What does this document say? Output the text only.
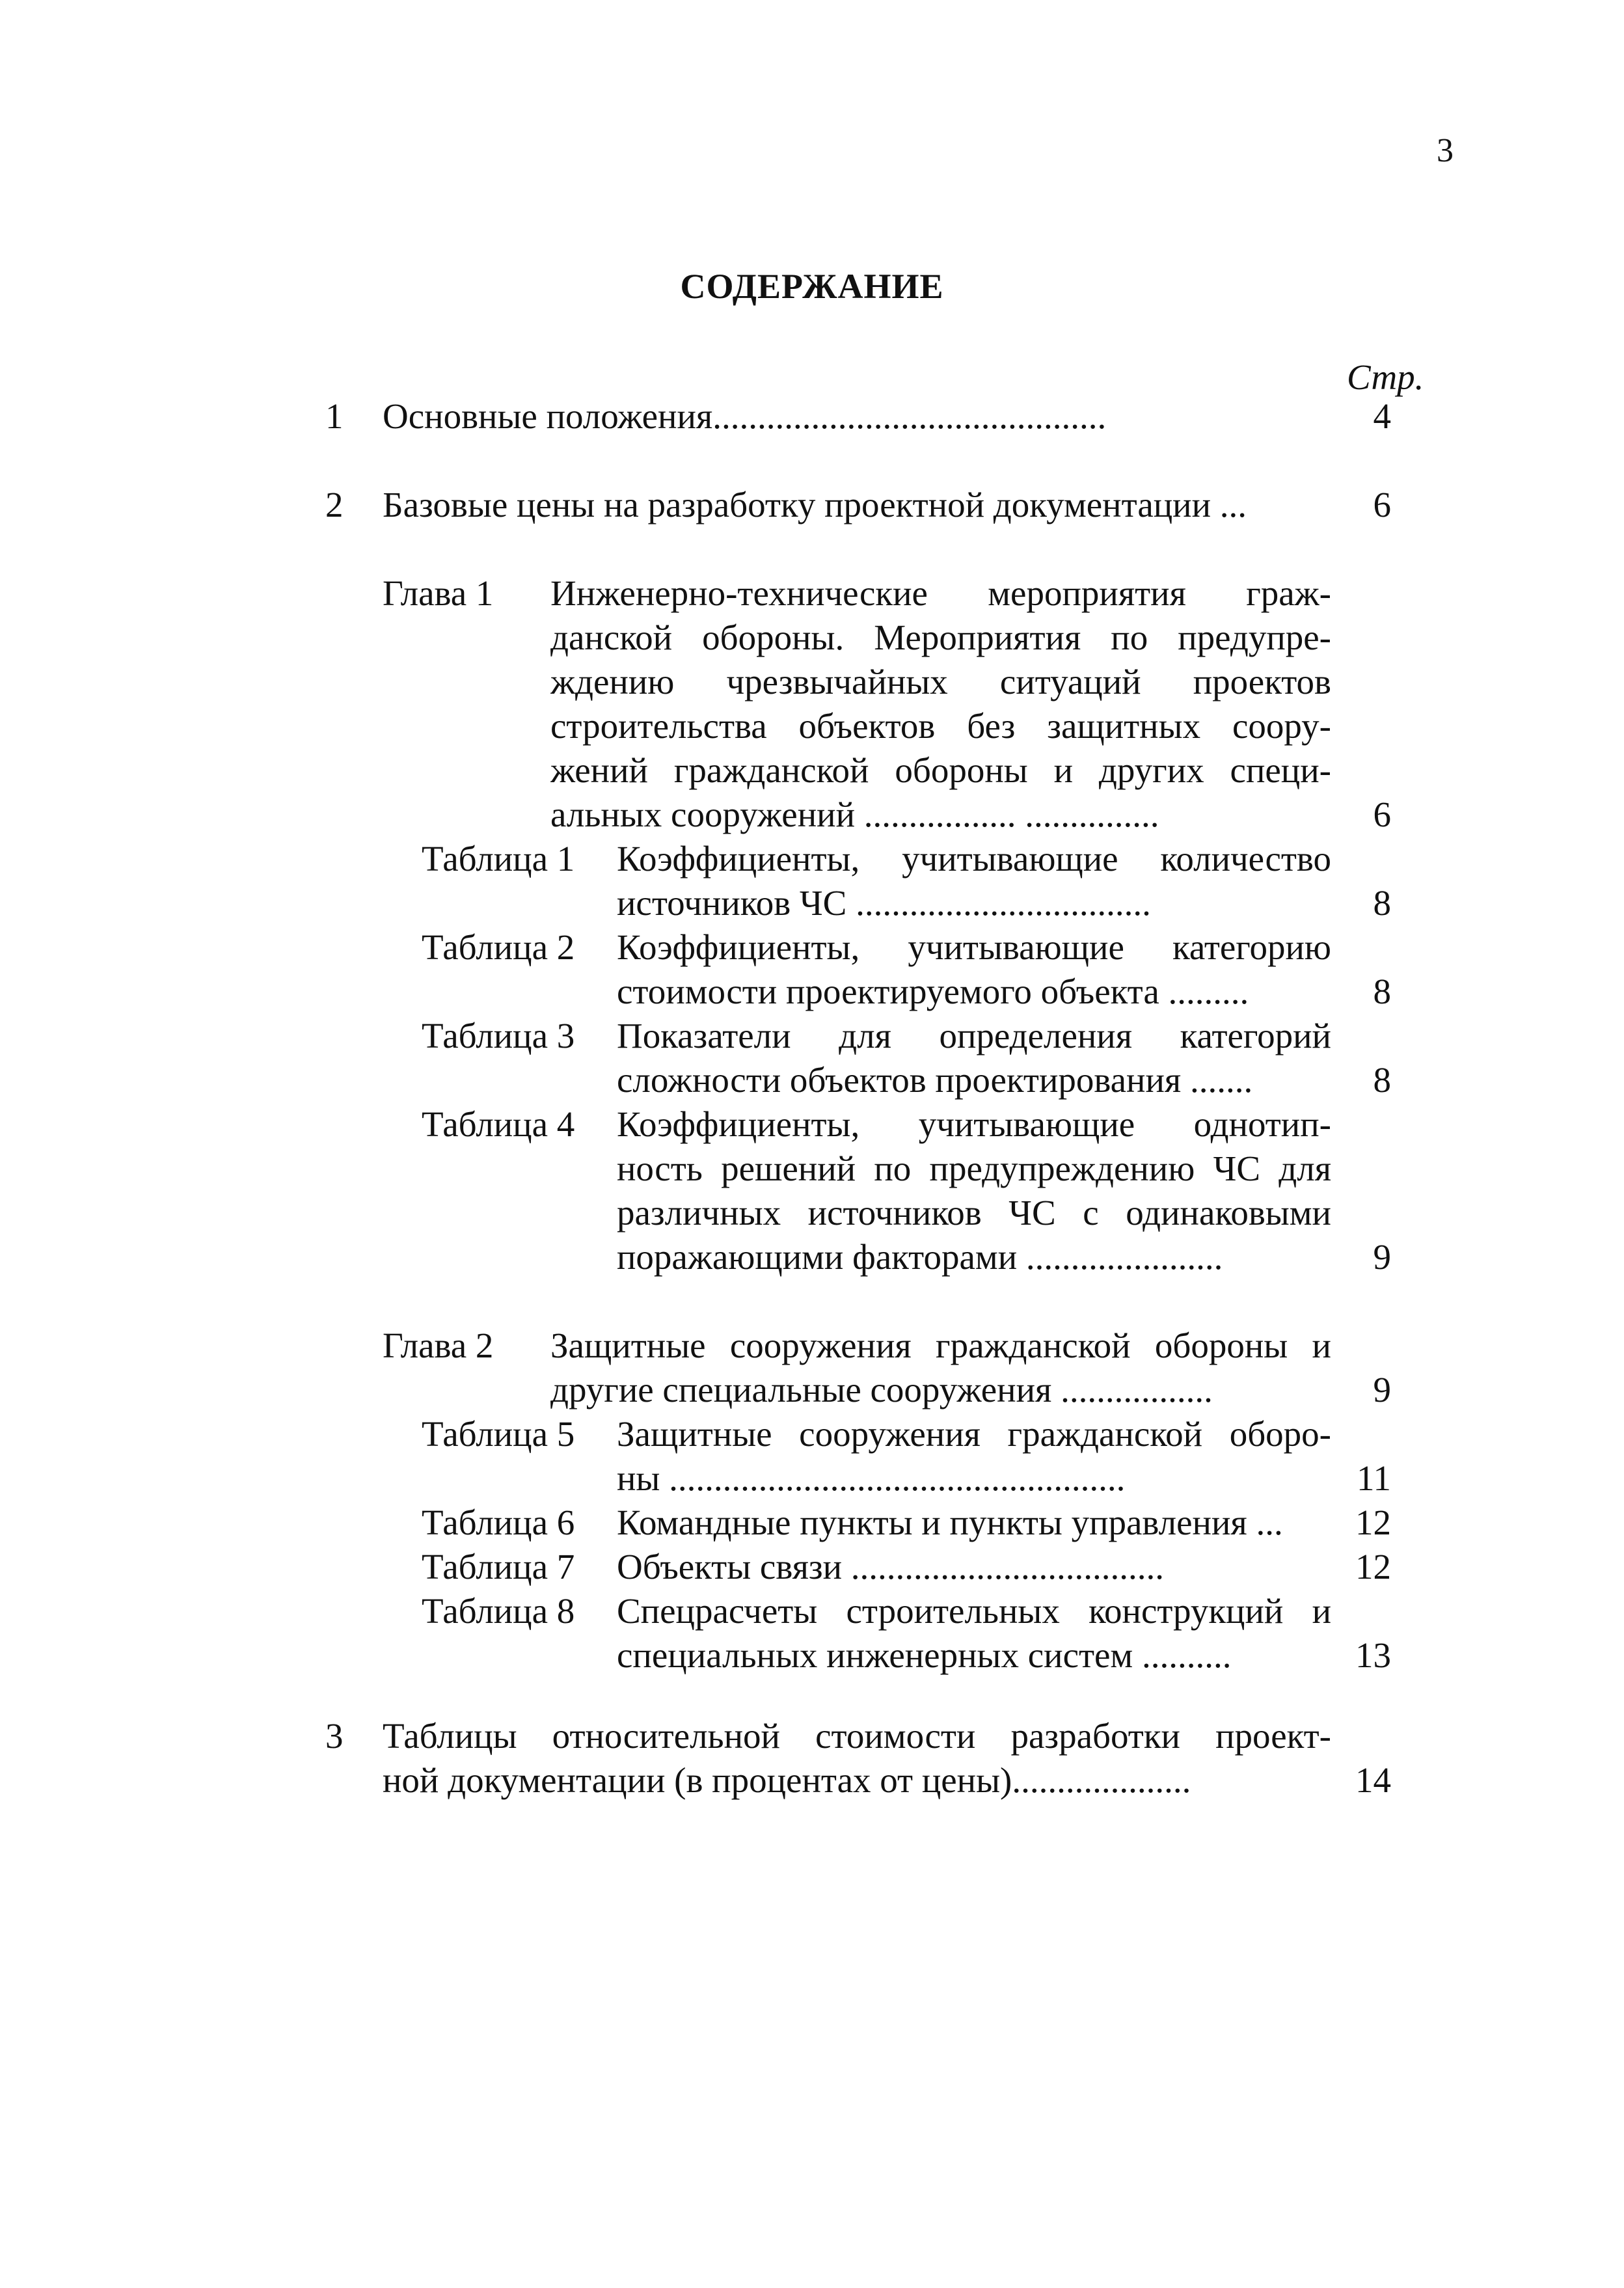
3
СОДЕРЖАНИЕ
Стр.
1 Основные положения............................................	4
2 Базовые цены на разработку проектной документации ...	6
Глава 1 Инженерно-технические мероприятия граж-
данской обороны. Мероприятия по предупре-
ждению чрезвычайных ситуаций проектов
строительства объектов без защитных соору-
жений гражданской обороны и других специ-
альных сооружений ................. ...............	6
Таблица 1 Коэффициенты, учитывающие количество
источников ЧС .................................	8
Таблица 2 Коэффициенты, учитывающие категорию
стоимости проектируемого объекта .........	8
Таблица 3 Показатели для определения категорий
сложности объектов проектирования .......	8
Таблица 4 Коэффициенты, учитывающие однотип-
ность решений по предупреждению ЧС для
различных источников ЧС с одинаковыми
поражающими факторами ......................	9
Глава 2 Защитные сооружения гражданской обороны и
другие специальные сооружения .................	9
Таблица 5 Защитные сооружения гражданской оборо-
ны ...................................................	11
Таблица 6 Командные пункты и пункты управления ...	12
Таблица 7 Объекты связи ...................................	12
Таблица 8 Спецрасчеты строительных конструкций и
специальных инженерных систем ..........	13
3 Таблицы относительной стоимости разработки проект-
ной документации (в процентах от цены)....................	14
